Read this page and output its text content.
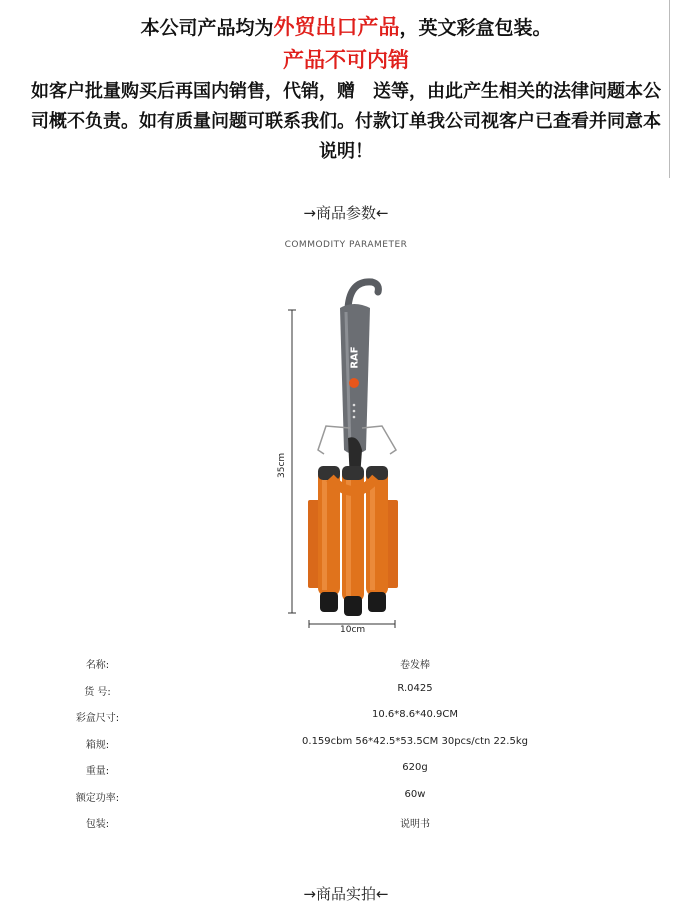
本公司产品均为外贸出口产品，英文彩盒包装。
产品不可内销
如客户批量购买后再国内销售，代销，赠　送等，由此产生相关的法律问题本公司概不负责。如有质量问题可联系我们。付款订单我公司视客户已查看并同意本说明！
→商品参数←
COMMODITY PARAMETER
35cm
10cm
RAF
名称:	卷发棒
货 号:	R.0425
彩盒尺寸:	10.6*8.6*40.9CM
箱规:	0.159cbm 56*42.5*53.5CM 30pcs/ctn 22.5kg
重量:	620g
额定功率:	60w
包装:	说明书
→商品实拍←
